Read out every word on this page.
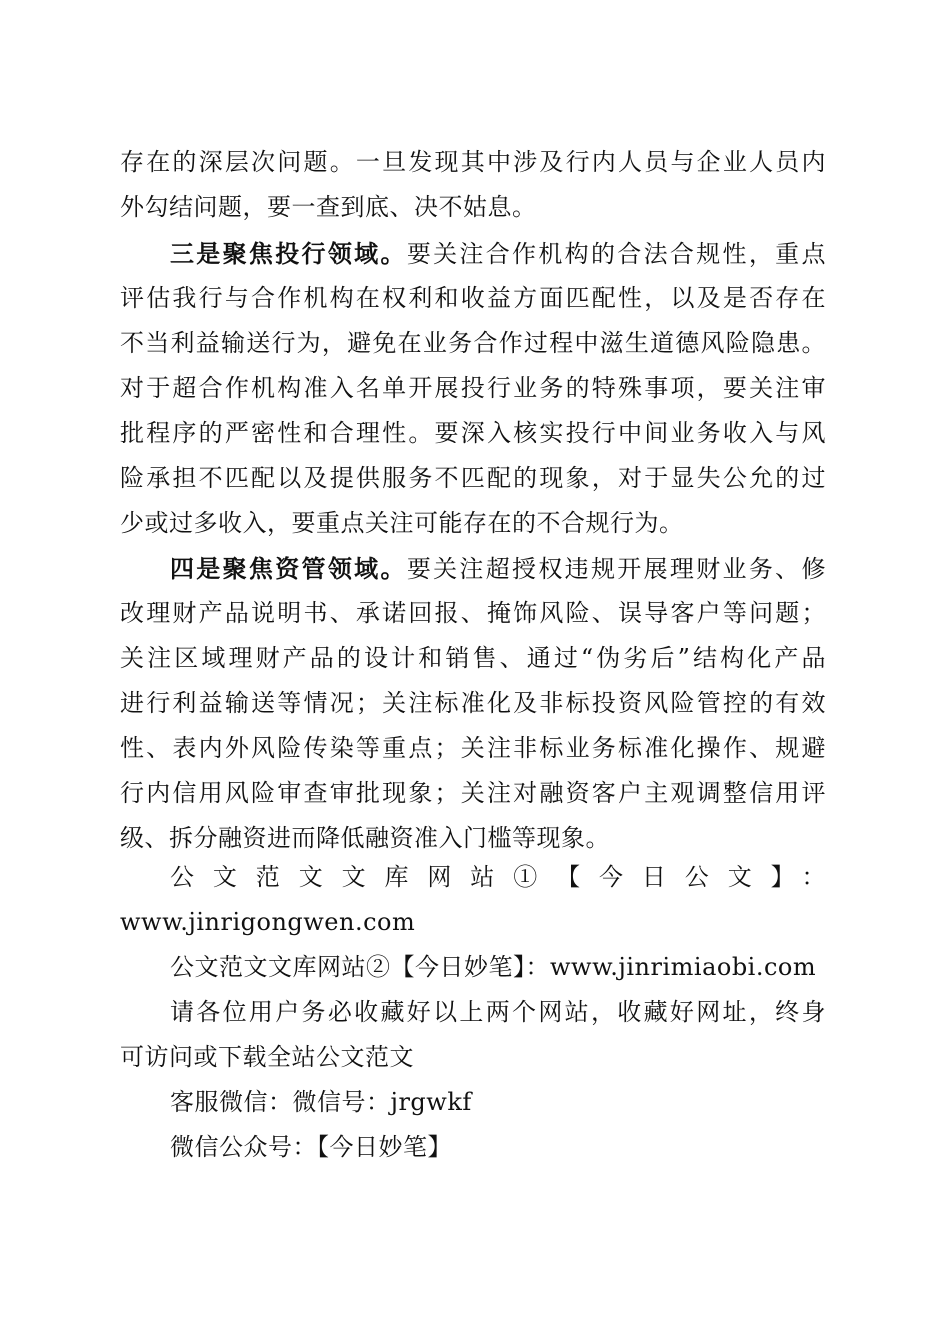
存在的深层次问题。一旦发现其中涉及行内人员与企业人员内
外勾结问题，要一查到底、决不姑息。
三是聚焦投行领域。要关注合作机构的合法合规性，重点
评估我行与合作机构在权利和收益方面匹配性，以及是否存在
不当利益输送行为，避免在业务合作过程中滋生道德风险隐患。
对于超合作机构准入名单开展投行业务的特殊事项，要关注审
批程序的严密性和合理性。要深入核实投行中间业务收入与风
险承担不匹配以及提供服务不匹配的现象，对于显失公允的过
少或过多收入，要重点关注可能存在的不合规行为。
四是聚焦资管领域。要关注超授权违规开展理财业务、修
改理财产品说明书、承诺回报、掩饰风险、误导客户等问题；
关注区域理财产品的设计和销售、通过“伪劣后”结构化产品
进行利益输送等情况；关注标准化及非标投资风险管控的有效
性、表内外风险传染等重点；关注非标业务标准化操作、规避
行内信用风险审查审批现象；关注对融资客户主观调整信用评
级、拆分融资进而降低融资准入门槛等现象。
公文范文文库网站①【今日公文】：
www.jinrigongwen.com
公文范文文库网站②【今日妙笔】：www.jinrimiaobi.com
请各位用户务必收藏好以上两个网站，收藏好网址，终身
可访问或下载全站公文范文
客服微信：微信号：jrgwkf
微信公众号：【今日妙笔】
